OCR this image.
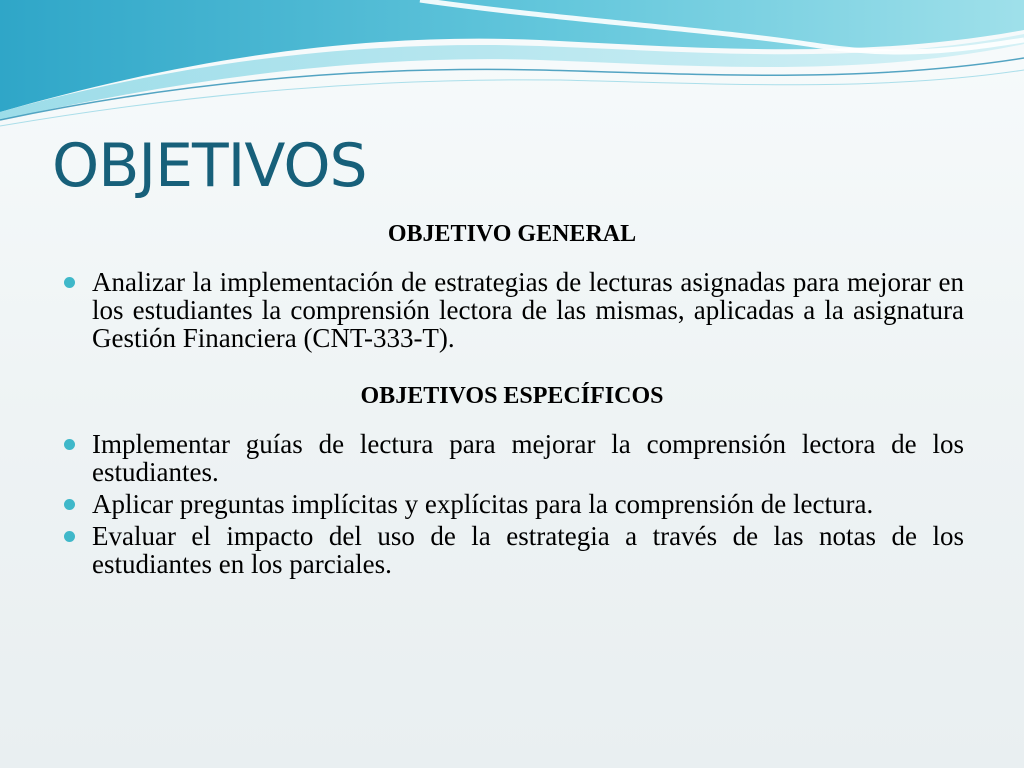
OBJETIVOS
OBJETIVO GENERAL
Analizar la implementación de estrategias de lecturas asignadas para mejorar en los estudiantes la comprensión lectora de las mismas, aplicadas a la asignatura Gestión Financiera (CNT-333-T).
OBJETIVOS ESPECÍFICOS
Implementar guías de lectura para mejorar la comprensión lectora de los estudiantes.
Aplicar preguntas implícitas y explícitas para la comprensión de lectura.
Evaluar el impacto del uso de la estrategia a través de las notas de los estudiantes en los parciales.
